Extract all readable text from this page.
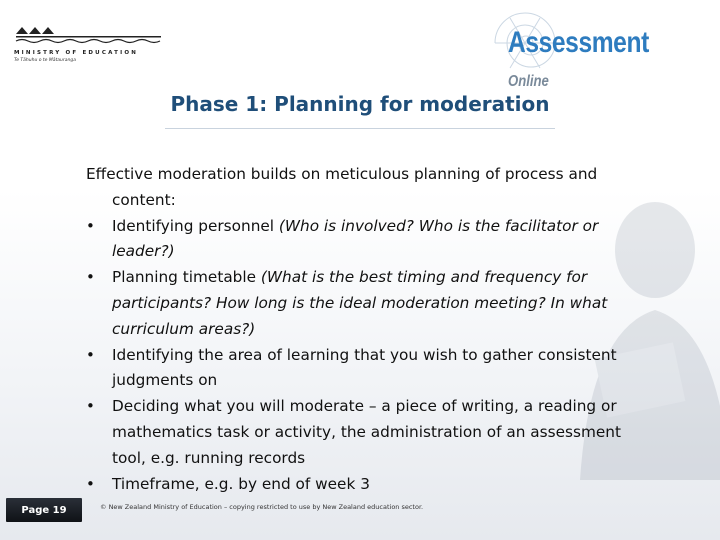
MINISTRY OF EDUCATION
Te Tāhuhu o te Mātauranga
Assessment Online
Phase 1: Planning for moderation

Effective moderation builds on meticulous planning of process and content:

•	Identifying personnel (Who is involved? Who is the facilitator or leader?)
•	Planning timetable (What is the best timing and frequency for participants? How long is the ideal moderation meeting? In what curriculum areas?)
•	Identifying the area of learning that you wish to gather consistent judgments on
•	Deciding what you will moderate – a piece of writing, a reading or mathematics task or activity, the administration of an assessment tool, e.g. running records
•	Timeframe, e.g. by end of week 3
Page 19	© New Zealand Ministry of Education – copying restricted to use by New Zealand education sector.
